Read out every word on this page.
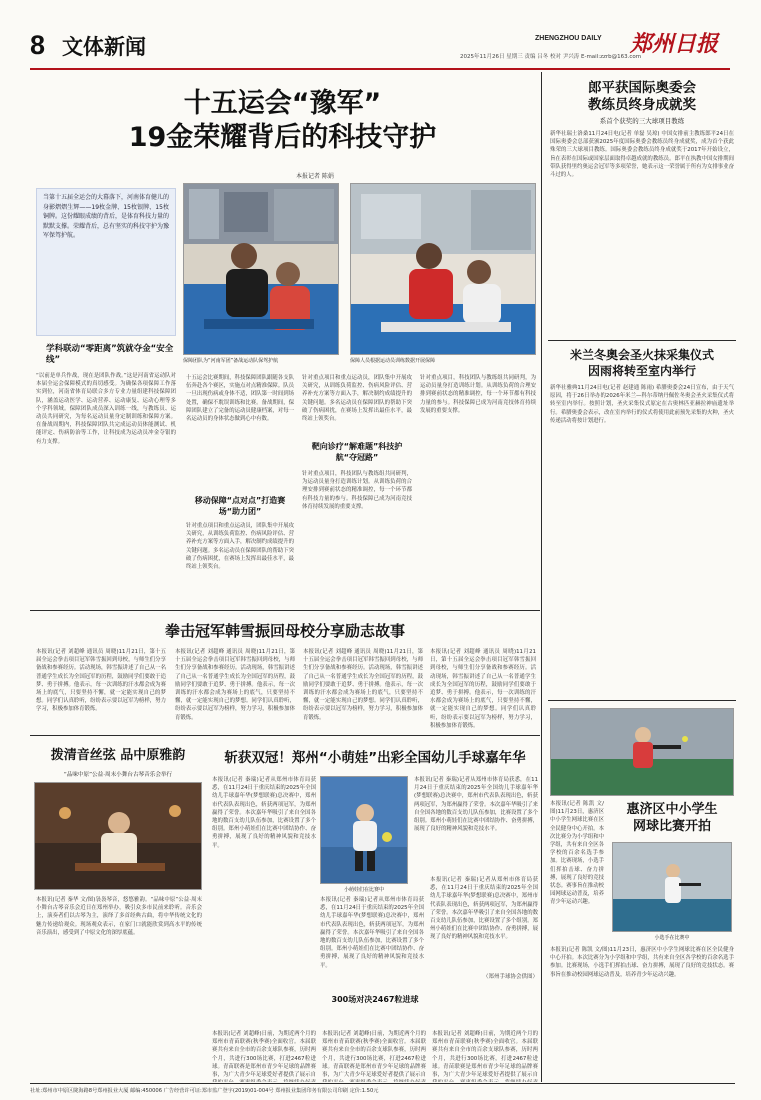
8 文体新闻	ZHENGZHOU DAILY 郑州日报
2025年11月26日 星期三 责编 吕冬 校对 尹兴涛 E-mail:zzrb@163.com
十五运会“豫军”
19金荣耀背后的科技守护
本报记者 陈娟
当第十五届全运会的大幕落下，河南体育健儿的身影熠熠生辉——19枚金牌、15枚银牌、15枚铜牌。这份耀眼成绩的背后，是体育科技力量的默默支撑。荣耀背后，总有坚实的科技守护为豫军保驾护航。
保障团队为“河南军团”备战运动队保驾护航	保障人员根据运动员训练数据开展保障
学科联动“零距离”筑就夺金“安全线”
“以前是单兵作战，现在是团队作战。”这是河南省运动队对本届全运会保障模式的真切感受。为确保各项保障工作落实到位，河南省体育局联合多方专业力量组建科技保障团队，涵盖运动医学、运动营养、运动康复、运动心理等多个学科领域。保障团队成员深入训练一线，与教练员、运动员共同研究，为每名运动员量身定制训练和保障方案。在备战周期内，科技保障团队共完成运动员体能测试、机能评定、伤病防治等工作，让科技成为运动员冲金夺银的有力支撑。
十五运会比赛期间，科技保障团队跟随各支队伍奔赴各个赛区，实施点对点精准保障。队员一旦出现伤病或身体不适，团队第一时间到场处置，确保不耽误训练和比赛。备战期间，保障团队建立了完备的运动员健康档案，对每一名运动员的身体状态做到心中有数。
移动保障“点对点”打造赛场“助力团”
针对重点项目和重点运动员，团队集中开展攻关研究，从训练负荷监控、伤病风险评估、营养补充方案等方面入手，解决制约成绩提升的关键问题。多名运动员在保障团队的帮助下突破了伤病困扰，在赛场上发挥出最佳水平，最终站上领奖台。
针对重点项目和重点运动员，团队集中开展攻关研究，从训练负荷监控、伤病风险评估、营养补充方案等方面入手，解决制约成绩提升的关键问题。多名运动员在保障团队的帮助下突破了伤病困扰，在赛场上发挥出最佳水平，最终站上领奖台。
靶向诊疗“解难题”科技护航“夺冠路”
针对重点项目，科技团队与教练组共同研判，为运动员量身打造训练计划。从训练负荷的合理安排到赛前状态的精准调控，每一个环节都有科技力量的参与。科技保障已成为河南竞技体育持续发展的重要支撑。
针对重点项目，科技团队与教练组共同研判，为运动员量身打造训练计划。从训练负荷的合理安排到赛前状态的精准调控，每一个环节都有科技力量的参与。科技保障已成为河南竞技体育持续发展的重要支撑。
郎平获国际奥委会
教练员终身成就奖
系首个获奖的三大球项目教练
新华社瑞士洛桑11月24日电(记者 单磊 吴琼) 中国女排前主教练郎平24日在国际奥委会总部获颁2025年度国际奥委会教练员终身成就奖，成为首个获此殊荣的三大球项目教练。国际奥委会教练员终身成就奖于2017年开始设立，旨在表彰在国际或国家层面取得卓越成就的教练员。郎平在执教中国女排期间带队获得里约奥运会冠军等多项荣誉，她表示这一荣誉属于所有为女排事业奋斗过的人。
米兰冬奥会圣火抹采集仪式
因雨将转至室内举行
新华社雅典11月24日电(记者 赵建通 陈雨) 希腊奥委会24日宣布，由于天气原因，将于26日举办的2026年米兰—科尔蒂纳丹佩佐冬奥会圣火采集仪式将转至室内举行。按照计划，圣火采集仪式原定在古奥林匹亚赫拉神庙遗址举行。希腊奥委会表示，改在室内举行的仪式将使用此前预先采集的火种，圣火传递活动将按计划进行。
拳击冠军韩雪振回母校分享励志故事
本报讯(记者 刘超峰 通讯员 周晓)11月21日，第十五届全运会拳击项目冠军韩雪振回到母校，与师生们分享备战和参赛经历。活动现场，韩雪振讲述了自己从一名普通学生成长为全国冠军的历程，鼓励同学们要敢于追梦、勇于拼搏。他表示，每一次训练的汗水都会成为赛场上的底气，只要坚持不懈，就一定能实现自己的梦想。同学们认真聆听，纷纷表示要以冠军为榜样，努力学习，积极参加体育锻炼。
本报讯(记者 刘超峰 通讯员 周晓)11月21日，第十五届全运会拳击项目冠军韩雪振回到母校，与师生们分享备战和参赛经历。活动现场，韩雪振讲述了自己从一名普通学生成长为全国冠军的历程，鼓励同学们要敢于追梦、勇于拼搏。他表示，每一次训练的汗水都会成为赛场上的底气，只要坚持不懈，就一定能实现自己的梦想。同学们认真聆听，纷纷表示要以冠军为榜样，努力学习，积极参加体育锻炼。
本报讯(记者 刘超峰 通讯员 周晓)11月21日，第十五届全运会拳击项目冠军韩雪振回到母校，与师生们分享备战和参赛经历。活动现场，韩雪振讲述了自己从一名普通学生成长为全国冠军的历程，鼓励同学们要敢于追梦、勇于拼搏。他表示，每一次训练的汗水都会成为赛场上的底气，只要坚持不懈，就一定能实现自己的梦想。同学们认真聆听，纷纷表示要以冠军为榜样，努力学习，积极参加体育锻炼。
本报讯(记者 刘超峰 通讯员 周晓)11月21日，第十五届全运会拳击项目冠军韩雪振回到母校，与师生们分享备战和参赛经历。活动现场，韩雪振讲述了自己从一名普通学生成长为全国冠军的历程，鼓励同学们要敢于追梦、勇于拼搏。他表示，每一次训练的汗水都会成为赛场上的底气，只要坚持不懈，就一定能实现自己的梦想。同学们认真聆听，纷纷表示要以冠军为榜样，努力学习，积极参加体育锻炼。
拨清音丝弦 品中原雅韵
“品味中原”公益·周末小舞台古琴音乐会举行
本报讯(记者 秦华 文/图)袅袅琴音，悠悠雅韵。“品味中原”公益·周末小舞台古琴音乐会近日在郑州举办，吸引众多市民前来聆听。音乐会上，演奏者们以古琴为主，演绎了多首经典古曲，将中华传统文化的魅力传递给观众。现场观众表示，在家门口就能欣赏到高水平的传统音乐演出，感受到了中原文化的深厚底蕴。
斩获双冠！郑州“小萌娃”出彩全国幼儿手球嘉年华
本报讯(记者 秦瑞)记者从郑州市体育局获悉，在11月24日于重庆结束的2025年全国幼儿手球嘉年华(梦想联赛)总决赛中，郑州市代表队表现出色，斩获两项冠军，为郑州赢得了荣誉。本次嘉年华吸引了来自全国各地的数百支幼儿队伍参加，比赛设置了多个组别。郑州小萌娃们在比赛中团结协作、奋勇拼搏，展现了良好的精神风貌和竞技水平。
小萌娃们在比赛中
本报讯(记者 秦瑞)记者从郑州市体育局获悉，在11月24日于重庆结束的2025年全国幼儿手球嘉年华(梦想联赛)总决赛中，郑州市代表队表现出色，斩获两项冠军，为郑州赢得了荣誉。本次嘉年华吸引了来自全国各地的数百支幼儿队伍参加，比赛设置了多个组别。郑州小萌娃们在比赛中团结协作、奋勇拼搏，展现了良好的精神风貌和竞技水平。
本报讯(记者 秦瑞)记者从郑州市体育局获悉，在11月24日于重庆结束的2025年全国幼儿手球嘉年华(梦想联赛)总决赛中，郑州市代表队表现出色，斩获两项冠军，为郑州赢得了荣誉。本次嘉年华吸引了来自全国各地的数百支幼儿队伍参加，比赛设置了多个组别。郑州小萌娃们在比赛中团结协作、奋勇拼搏，展现了良好的精神风貌和竞技水平。
本报讯(记者 秦瑞)记者从郑州市体育局获悉，在11月24日于重庆结束的2025年全国幼儿手球嘉年华(梦想联赛)总决赛中，郑州市代表队表现出色，斩获两项冠军，为郑州赢得了荣誉。本次嘉年华吸引了来自全国各地的数百支幼儿队伍参加，比赛设置了多个组别。郑州小萌娃们在比赛中团结协作、奋勇拼搏，展现了良好的精神风貌和竞技水平。
（郑州手球协会供图）
惠济区中小学生
网球比赛开拍
本报讯(记者 陈凯 文/图)11月23日，惠济区中小学生网球比赛在区全民健身中心开拍。本次比赛分为小学组和中学组，共有来自全区各学校的百余名选手参加。比赛现场，小选手们挥拍击球、奋力拼搏，展现了良好的竞技状态。赛事旨在推动校园网球运动普及，培养青少年运动兴趣。
小选手在比赛中
本报讯(记者 陈凯 文/图)11月23日，惠济区中小学生网球比赛在区全民健身中心开拍。本次比赛分为小学组和中学组，共有来自全区各学校的百余名选手参加。比赛现场，小选手们挥拍击球、奋力拼搏，展现了良好的竞技状态。赛事旨在推动校园网球运动普及，培养青少年运动兴趣。
300场对决2467粒进球
本报讯(记者 刘超峰)日前，为期近两个月的郑州市青苗联赛(秋季赛)全面收官。本届联赛共有来自全市的百余支球队参赛，历时两个月，共进行300场比赛，打进2467粒进球。青苗联赛是郑州市青少年足球的品牌赛事，为广大青少年足球爱好者提供了展示自
本报讯(记者 刘超峰)日前，为期近两个月的郑州市青苗联赛(秋季赛)全面收官。本届联赛共有来自全市的百余支球队参赛，历时两个月，共进行300场比赛，打进2467粒进球。青苗联赛是郑州市青少年足球的品牌赛事，为广大青少年足球爱好者提供了展示自
本报讯(记者 刘超峰)日前，为期近两个月的郑州市青苗联赛(秋季赛)全面收官。本届联赛共有来自全市的百余支球队参赛，历时两个月，共进行300场比赛，打进2467粒进球。青苗联赛是郑州市青少年足球的品牌赛事，为广大青少年足球爱好者提供了展示自
社址:郑州市中原区陇海路8号郑州报业大厦 邮编:450006 广告经营许可证:郑市监广登字(2019)01-004号 郑州报业集团印务有限公司印刷 定价:1.50元
